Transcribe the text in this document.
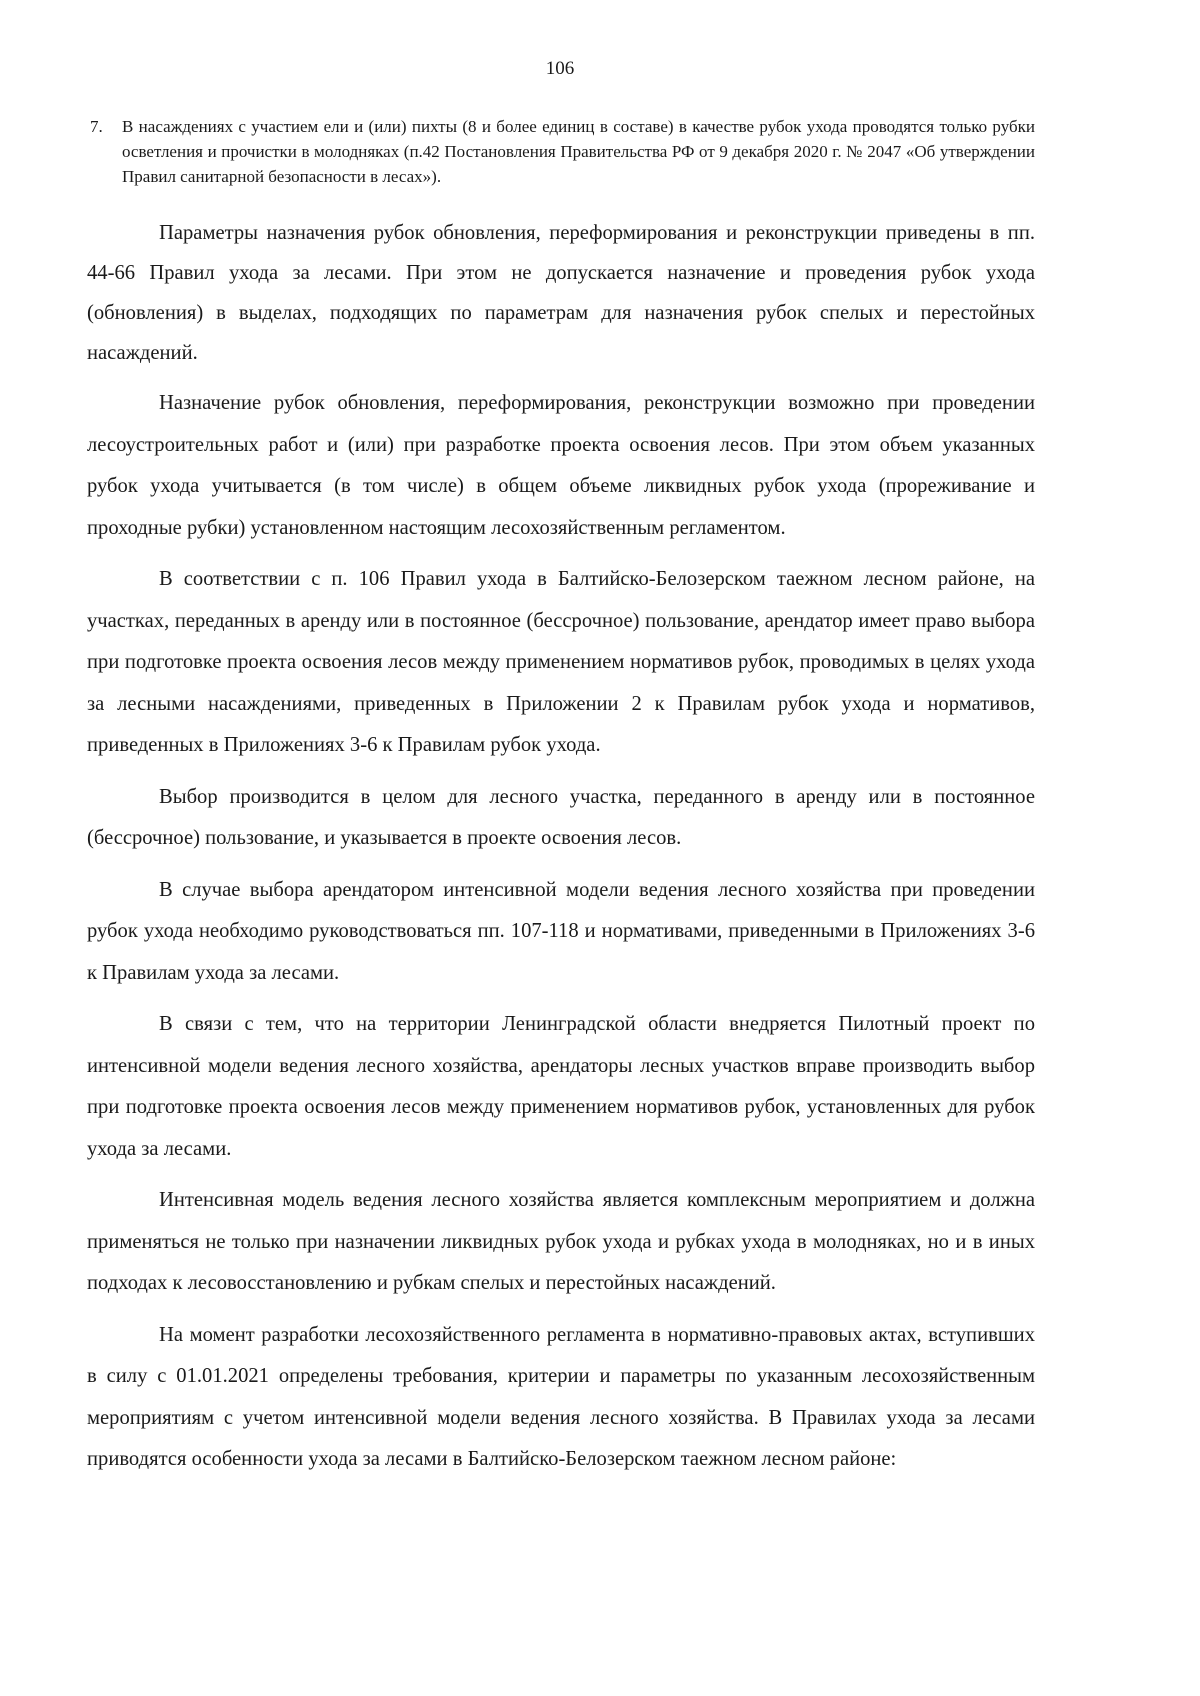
106
7.	В насаждениях с участием ели и (или) пихты (8 и более единиц в составе) в качестве рубок ухода проводятся только рубки осветления и прочистки в молодняках (п.42 Постановления Правительства РФ от 9 декабря 2020 г. № 2047 «Об утверждении Правил санитарной безопасности в лесах»).

Параметры назначения рубок обновления, переформирования и реконструкции приведены в пп. 44-66 Правил ухода за лесами. При этом не допускается назначение и проведения рубок ухода (обновления) в выделах, подходящих по параметрам для назначения рубок спелых и перестойных насаждений.

Назначение рубок обновления, переформирования, реконструкции возможно при проведении лесоустроительных работ и (или) при разработке проекта освоения лесов. При этом объем указанных рубок ухода учитывается (в том числе) в общем объеме ликвидных рубок ухода (прореживание и проходные рубки) установленном настоящим лесохозяйственным регламентом.

В соответствии с п. 106 Правил ухода в Балтийско-Белозерском таежном лесном районе, на участках, переданных в аренду или в постоянное (бессрочное) пользование, арендатор имеет право выбора при подготовке проекта освоения лесов между применением нормативов рубок, проводимых в целях ухода за лесными насаждениями, приведенных в Приложении 2 к Правилам рубок ухода и нормативов, приведенных в Приложениях 3-6 к Правилам рубок ухода.

Выбор производится в целом для лесного участка, переданного в аренду или в постоянное (бессрочное) пользование, и указывается в проекте освоения лесов.

В случае выбора арендатором интенсивной модели ведения лесного хозяйства при проведении рубок ухода необходимо руководствоваться пп. 107-118 и нормативами, приведенными в Приложениях 3-6 к Правилам ухода за лесами.

В связи с тем, что на территории Ленинградской области внедряется Пилотный проект по интенсивной модели ведения лесного хозяйства, арендаторы лесных участков вправе производить выбор при подготовке проекта освоения лесов между применением нормативов рубок, установленных для рубок ухода за лесами.

Интенсивная модель ведения лесного хозяйства является комплексным мероприятием и должна применяться не только при назначении ликвидных рубок ухода и рубках ухода в молодняках, но и в иных подходах к лесовосстановлению и рубкам спелых и перестойных насаждений.

На момент разработки лесохозяйственного регламента в нормативно-правовых актах, вступивших в силу с 01.01.2021 определены требования, критерии и параметры по указанным лесохозяйственным мероприятиям с учетом интенсивной модели ведения лесного хозяйства. В Правилах ухода за лесами приводятся особенности ухода за лесами в Балтийско-Белозерском таежном лесном районе:
